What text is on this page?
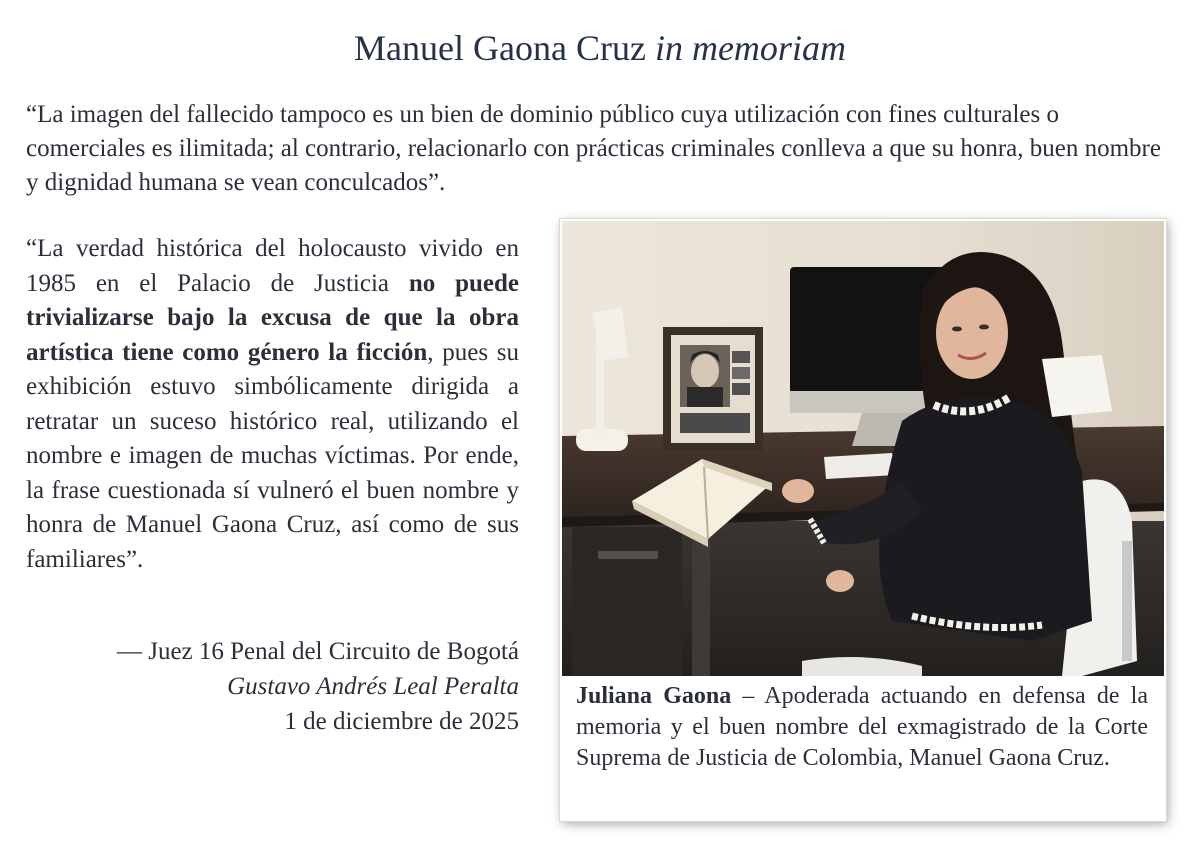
Manuel Gaona Cruz in memoriam
“La imagen del fallecido tampoco es un bien de dominio público cuya utilización con fines culturales o comerciales es ilimitada; al contrario, relacionarlo con prácticas criminales conlleva a que su honra, buen nombre y dignidad humana se vean conculcados”.
“La verdad histórica del holocausto vivido en 1985 en el Palacio de Justicia no puede trivializarse bajo la excusa de que la obra artística tiene como género la ficción, pues su exhibición estuvo simbólicamente dirigida a retratar un suceso histórico real, utilizando el nombre e imagen de muchas víctimas. Por ende, la frase cuestionada sí vulneró el buen nombre y honra de Manuel Gaona Cruz, así como de sus familiares”.
— Juez 16 Penal del Circuito de Bogotá
Gustavo Andrés Leal Peralta
1 de diciembre de 2025
Juliana Gaona – Apoderada actuando en defensa de la memoria y el buen nombre del exmagistrado de la Corte Suprema de Justicia de Colombia, Manuel Gaona Cruz.
